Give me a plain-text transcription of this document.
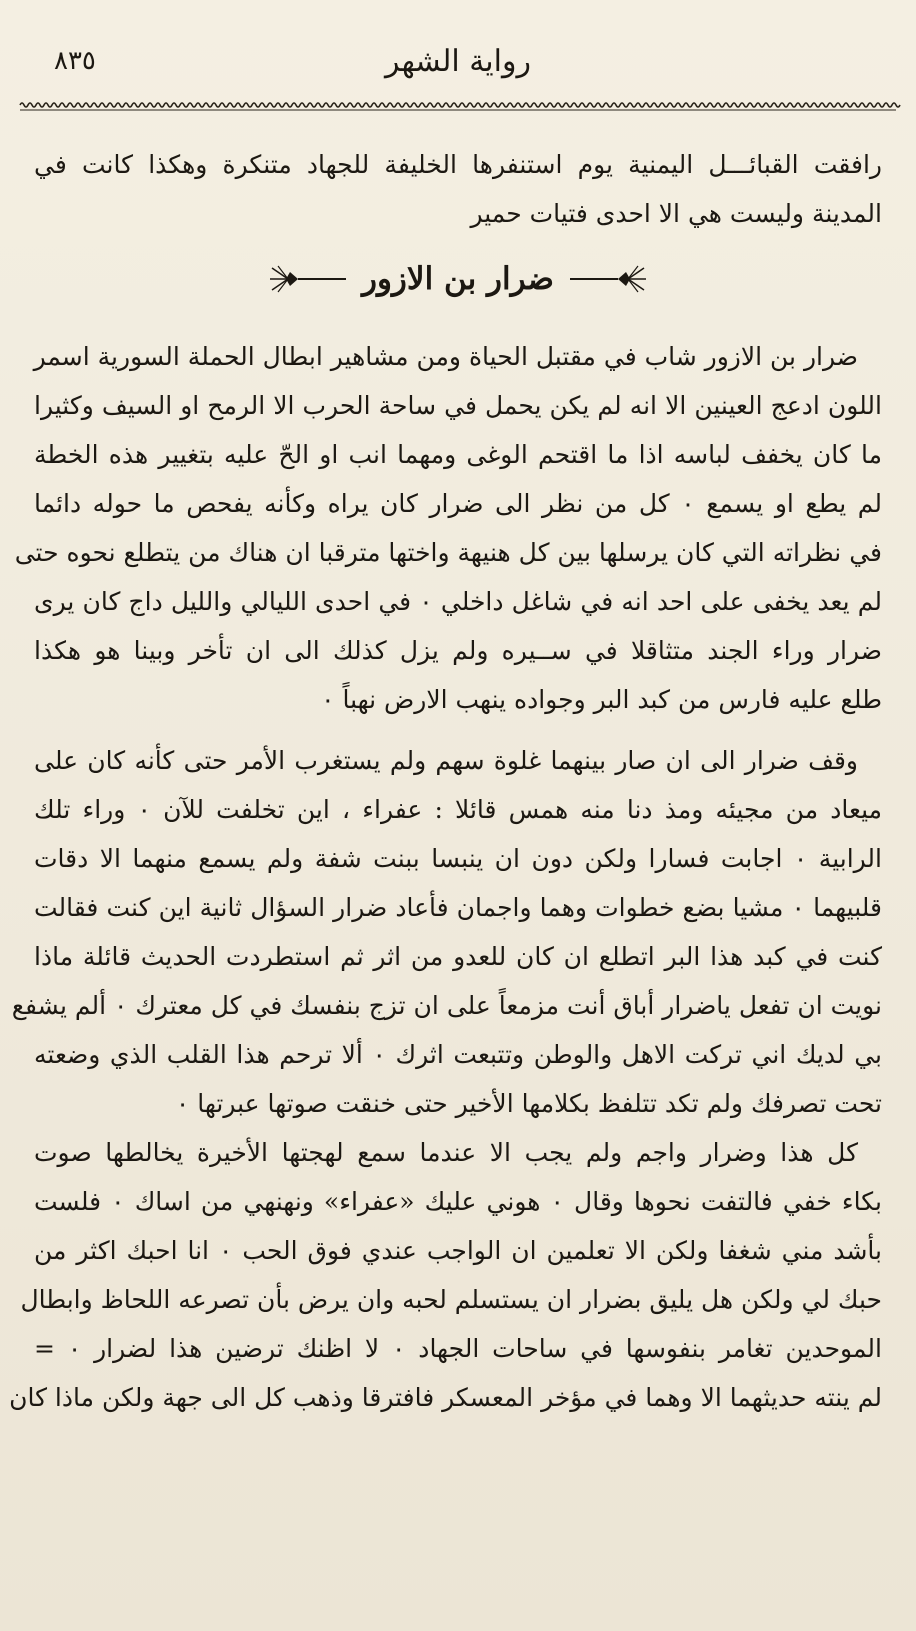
٨٣٥	رواية الشهر
رافقت القبائـــل اليمنية يوم استنفرها الخليفة للجهاد متنكرة وهكذا كانت في
المدينة وليست هي الا احدى فتيات حمير
ضرار بن الازور
ضرار بن الازور شاب في مقتبل الحياة ومن مشاهير ابطال الحملة السورية اسمر
اللون ادعج العينين الا انه لم يكن يحمل في ساحة الحرب الا الرمح او السيف وكثيرا
ما كان يخفف لباسه اذا ما اقتحم الوغى ومهما انب او الحّ عليه بتغيير هذه الخطة
لم يطع او يسمع ٠ كل من نظر الى ضرار كان يراه وكأنه يفحص ما حوله دائما
في نظراته التي كان يرسلها بين كل هنيهة واختها مترقبا ان هناك من يتطلع نحوه حتى
لم يعد يخفى على احد انه في شاغل داخلي ٠ في احدى الليالي والليل داج كان يرى
ضرار وراء الجند متثاقلا في ســيره ولم يزل كذلك الى ان تأخر وبينا هو هكذا
طلع عليه فارس من كبد البر وجواده ينهب الارض نهباً ٠
وقف ضرار الى ان صار بينهما غلوة سهم ولم يستغرب الأمر حتى كأنه كان على
ميعاد من مجيئه ومذ دنا منه همس قائلا : عفراء ، اين تخلفت للآن ٠ وراء تلك
الرابية ٠ اجابت فسارا ولكن دون ان ينبسا ببنت شفة ولم يسمع منهما الا دقات
قلبيهما ٠ مشيا بضع خطوات وهما واجمان فأعاد ضرار السؤال ثانية اين كنت فقالت
كنت في كبد هذا البر اتطلع ان كان للعدو من اثر ثم استطردت الحديث قائلة ماذا
نويت ان تفعل ياضرار أباق أنت مزمعاً على ان تزج بنفسك في كل معترك ٠ ألم يشفع
بي لديك اني تركت الاهل والوطن وتتبعت اثرك ٠ ألا ترحم هذا القلب الذي وضعته
تحت تصرفك ولم تكد تتلفظ بكلامها الأخير حتى خنقت صوتها عبرتها ٠
كل هذا وضرار واجم ولم يجب الا عندما سمع لهجتها الأخيرة يخالطها صوت
بكاء خفي فالتفت نحوها وقال ٠ هوني عليك «عفراء» ونهنهي من اساك ٠ فلست
بأشد مني شغفا ولكن الا تعلمين ان الواجب عندي فوق الحب ٠ انا احبك اكثر من
حبك لي ولكن هل يليق بضرار ان يستسلم لحبه وان يرض بأن تصرعه اللحاظ وابطال
الموحدين تغامر بنفوسها في ساحات الجهاد ٠ لا اظنك ترضين هذا لضرار ٠ =
لم ينته حديثهما الا وهما في مؤخر المعسكر فافترقا وذهب كل الى جهة ولكن ماذا كان
